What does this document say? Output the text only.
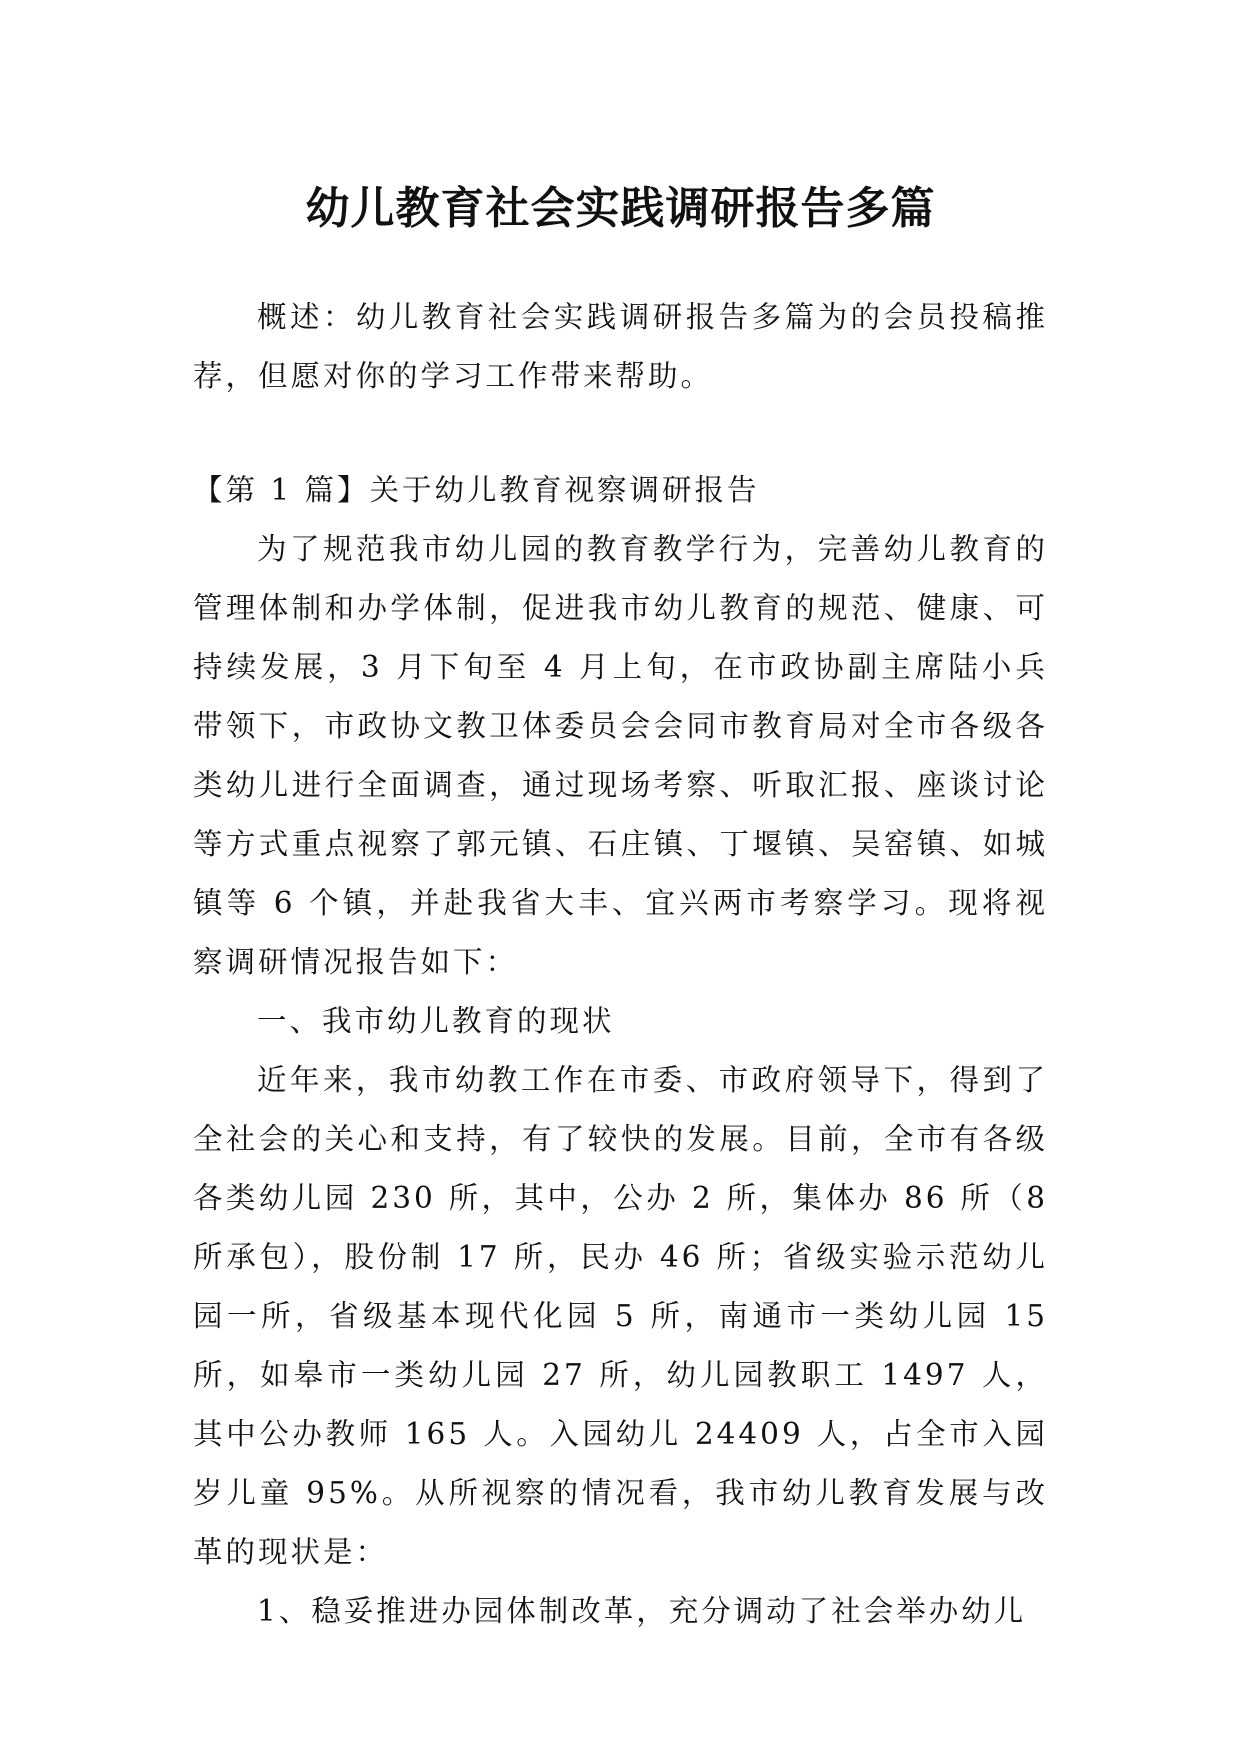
幼儿教育社会实践调研报告多篇

概述：幼儿教育社会实践调研报告多篇为的会员投稿推荐，但愿对你的学习工作带来帮助。

【第 1 篇】关于幼儿教育视察调研报告

为了规范我市幼儿园的教育教学行为，完善幼儿教育的管理体制和办学体制，促进我市幼儿教育的规范、健康、可持续发展，3 月下旬至 4 月上旬，在市政协副主席陆小兵带领下，市政协文教卫体委员会会同市教育局对全市各级各类幼儿进行全面调查，通过现场考察、听取汇报、座谈讨论等方式重点视察了郭元镇、石庄镇、丁堰镇、吴窑镇、如城镇等 6 个镇，并赴我省大丰、宜兴两市考察学习。现将视察调研情况报告如下：

一、我市幼儿教育的现状

近年来，我市幼教工作在市委、市政府领导下，得到了全社会的关心和支持，有了较快的发展。目前，全市有各级各类幼儿园 230 所，其中，公办 2 所，集体办 86 所（8 所承包），股份制 17 所，民办 46 所；省级实验示范幼儿园一所，省级基本现代化园 5 所，南通市一类幼儿园 15 所，如皋市一类幼儿园 27 所，幼儿园教职工 1497 人，其中公办教师 165 人。入园幼儿 24409 人，占全市入园岁儿童 95%。从所视察的情况看，我市幼儿教育发展与改革的现状是：

1、稳妥推进办园体制改革，充分调动了社会举办幼儿
